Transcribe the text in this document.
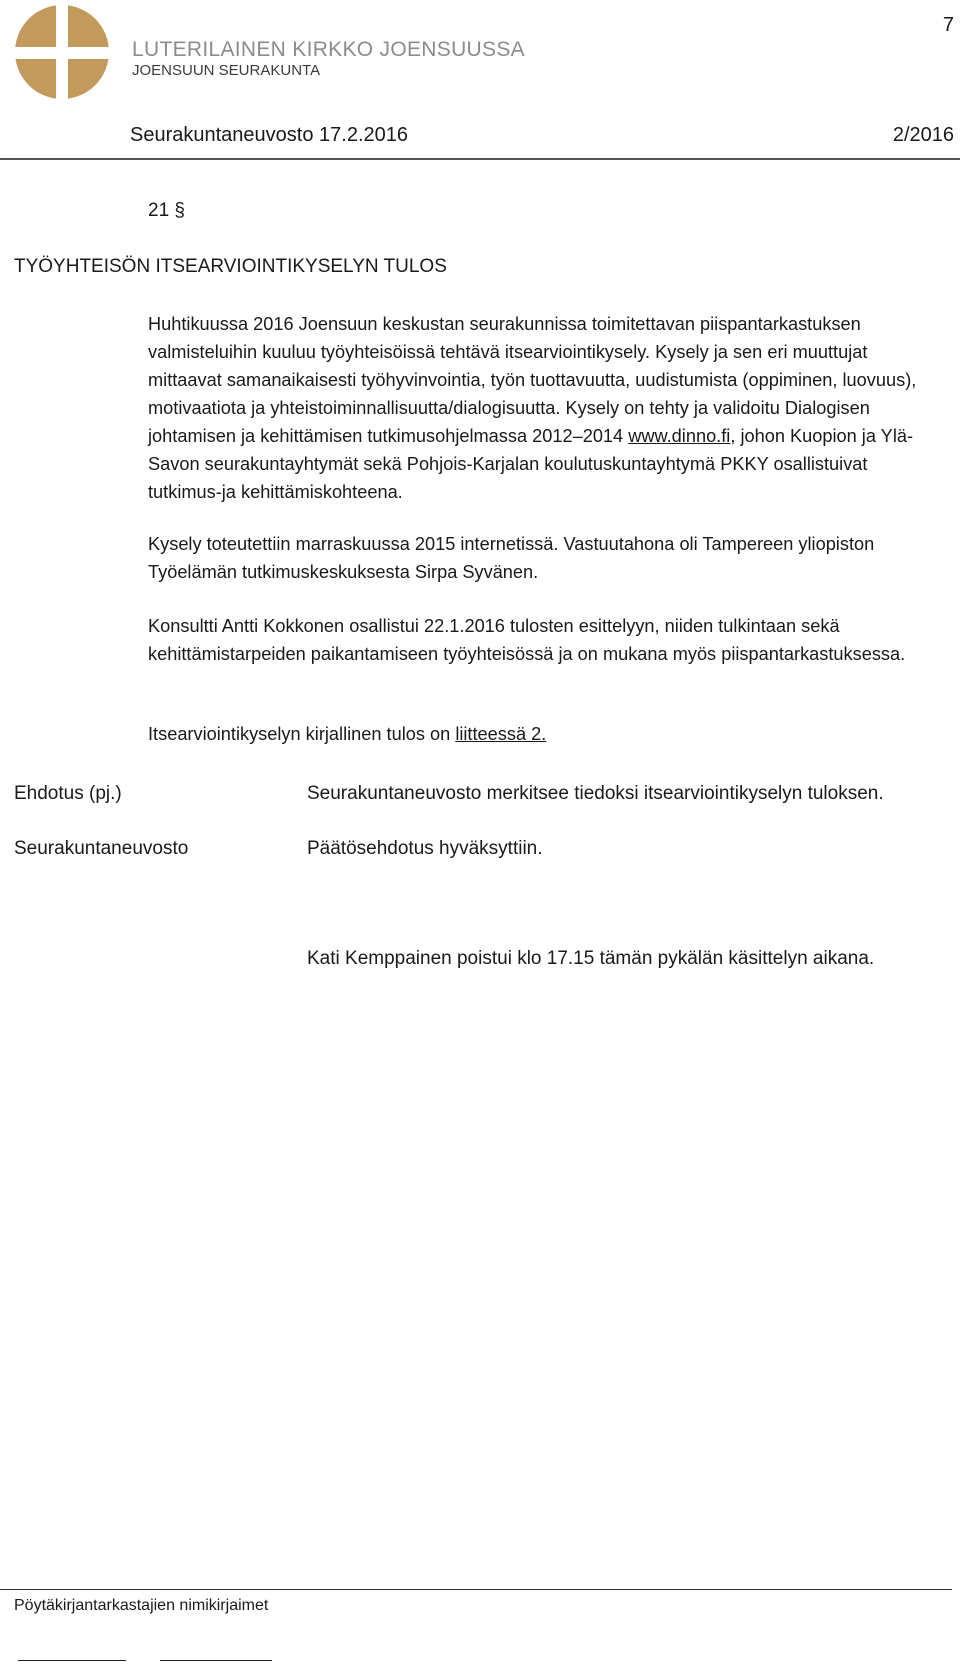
LUTERILAINEN KIRKKO JOENSUUSSA
JOENSUUN SEURAKUNTA
7
Seurakuntaneuvosto 17.2.2016	2/2016
21 §
TYÖYHTEISÖN ITSEARVIOINTIKYSELYN TULOS

Huhtikuussa 2016 Joensuun keskustan seurakunnissa toimitettavan piispantarkastuksen valmisteluihin kuuluu työyhteisöissä tehtävä itsearviointikysely. Kysely ja sen eri muuttujat mittaavat samanaikaisesti työhyvinvointia, työn tuottavuutta, uudistumista (oppiminen, luovuus), motivaatiota ja yhteistoiminnallisuutta/dialogisuutta. Kysely on tehty ja validoitu Dialogisen johtamisen ja kehittämisen tutkimusohjelmassa 2012–2014 www.dinno.fi, johon Kuopion ja Ylä-Savon seurakuntayhtymät sekä Pohjois-Karjalan koulutuskuntayhtymä PKKY osallistuivat tutkimus-ja kehittämiskohteena.

Kysely toteutettiin marraskuussa 2015 internetissä. Vastuutahona oli Tampereen yliopiston Työelämän tutkimuskeskuksesta Sirpa Syvänen.

Konsultti Antti Kokkonen osallistui 22.1.2016 tulosten esittelyyn, niiden tulkintaan sekä kehittämistarpeiden paikantamiseen työyhteisössä ja on mukana myös piispantarkastuksessa.

Itsearviointikyselyn kirjallinen tulos on liitteessä 2.

Ehdotus (pj.)	Seurakuntaneuvosto merkitsee tiedoksi itsearviointikyselyn tuloksen.
Seurakuntaneuvosto	Päätösehdotus hyväksyttiin.
Kati Kemppainen poistui klo 17.15 tämän pykälän käsittelyn aikana.
Pöytäkirjantarkastajien nimikirjaimet
